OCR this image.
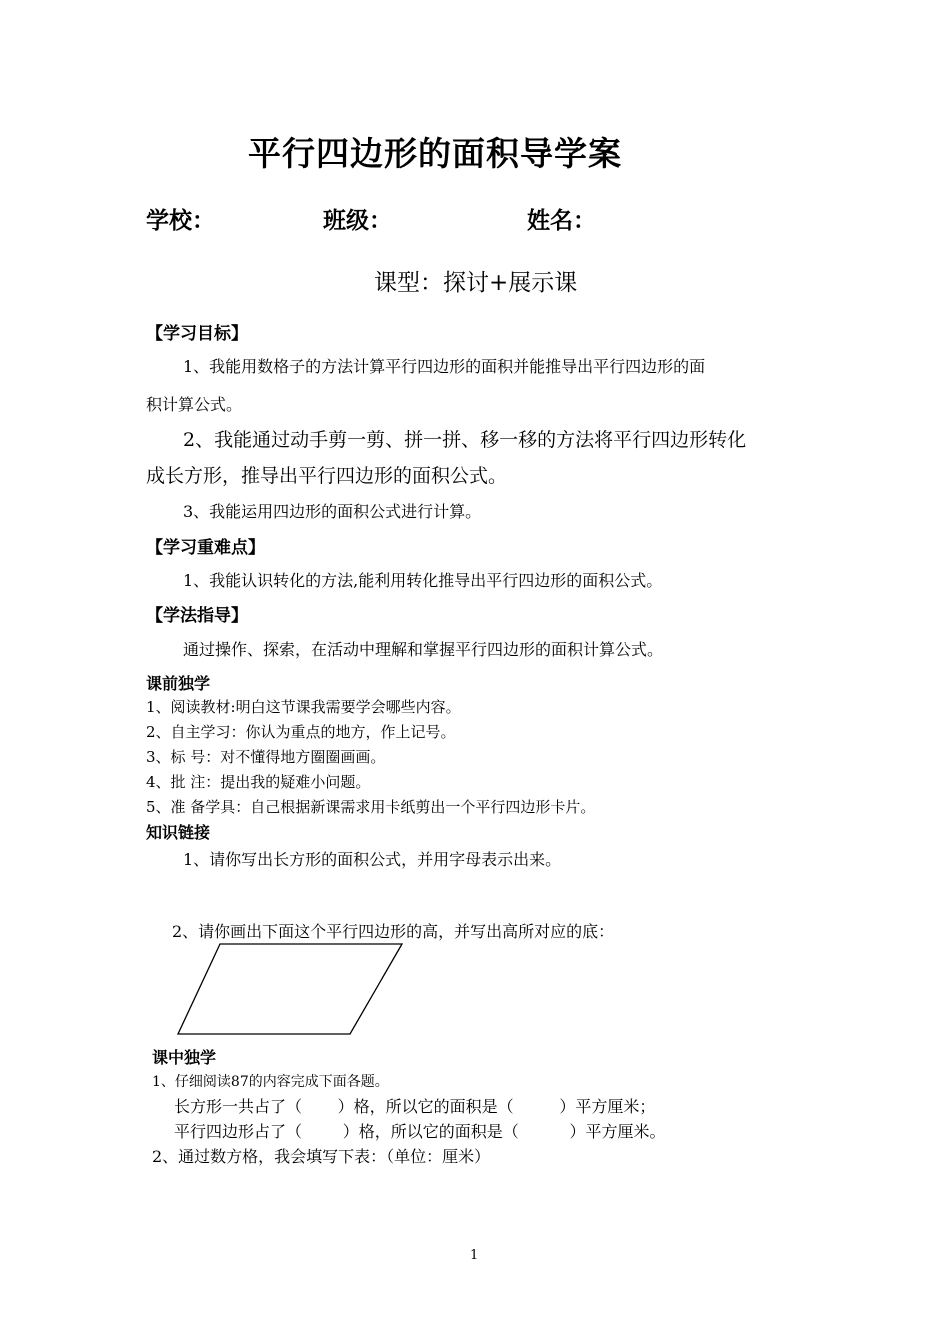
平行四边形的面积导学案
学校：	班级：	姓名：
课型：探讨+展示课
【学习目标】
1、我能用数格子的方法计算平行四边形的面积并能推导出平行四边形的面
积计算公式。
2、我能通过动手剪一剪、拼一拼、移一移的方法将平行四边形转化
成长方形，推导出平行四边形的面积公式。
3、我能运用四边形的面积公式进行计算。
【学习重难点】
1、我能认识转化的方法,能利用转化推导出平行四边形的面积公式。
【学法指导】
通过操作、探索，在活动中理解和掌握平行四边形的面积计算公式。
课前独学
1、阅读教材:明白这节课我需要学会哪些内容。
2、自主学习：你认为重点的地方，作上记号。
3、标 号：对不懂得地方圈圈画画。
4、批 注：提出我的疑难小问题。
5、准 备学具：自己根据新课需求用卡纸剪出一个平行四边形卡片。
知识链接
1、请你写出长方形的面积公式，并用字母表示出来。
2、请你画出下面这个平行四边形的高，并写出高所对应的底：
课中独学
1、仔细阅读87的内容完成下面各题。
长方形一共占了（       ）格，所以它的面积是（         ）平方厘米；
平行四边形占了（        ）格，所以它的面积是（          ）平方厘米。
2、通过数方格，我会填写下表：（单位：厘米）
1
